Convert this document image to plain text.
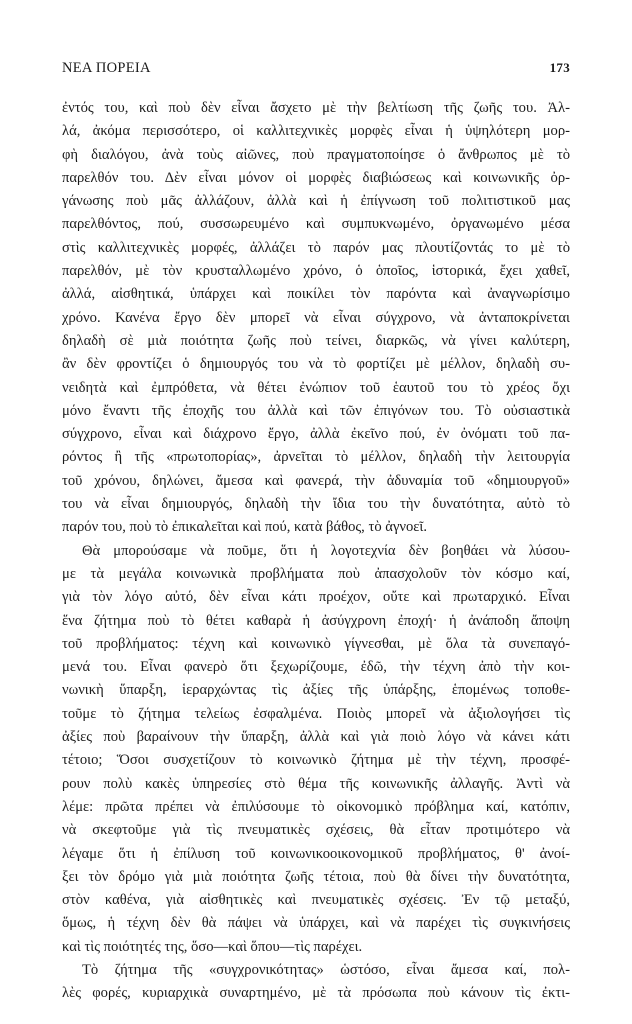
ΝΕΑ ΠΟΡΕΙΑ	173
ἐντός του, καὶ ποὺ δὲν εἶναι ἄσχετο μὲ τὴν βελτίωση τῆς ζωῆς του. Ἀλ-
λά, ἀκόμα περισσότερο, οἱ καλλιτεχνικὲς μορφὲς εἶναι ἡ ὑψηλότερη μορ-
φὴ διαλόγου, ἀνὰ τοὺς αἰῶνες, ποὺ πραγματοποίησε ὁ ἄνθρωπος μὲ τὸ
παρελθόν του. Δὲν εἶναι μόνον οἱ μορφὲς διαβιώσεως καὶ κοινωνικῆς ὀρ-
γάνωσης ποὺ μᾶς ἀλλάζουν, ἀλλὰ καὶ ἡ ἐπίγνωση τοῦ πολιτιστικοῦ μας
παρελθόντος, πού, συσσωρευμένο καὶ συμπυκνωμένο, ὀργανωμένο μέσα
στὶς καλλιτεχνικὲς μορφές, ἀλλάζει τὸ παρόν μας πλουτίζοντάς το μὲ τὸ
παρελθόν, μὲ τὸν κρυσταλλωμένο χρόνο, ὁ ὁποῖος, ἱστορικά, ἔχει χαθεῖ,
ἀλλά, αἰσθητικά, ὑπάρχει καὶ ποικίλει τὸν παρόντα καὶ ἀναγνωρίσιμο
χρόνο. Κανένα ἔργο δὲν μπορεῖ νὰ εἶναι σύγχρονο, νὰ ἀνταποκρίνεται
δηλαδὴ σὲ μιὰ ποιότητα ζωῆς ποὺ τείνει, διαρκῶς, νὰ γίνει καλύτερη,
ἂν δὲν φροντίζει ὁ δημιουργός του νὰ τὸ φορτίζει μὲ μέλλον, δηλαδὴ συ-
νειδητὰ καὶ ἐμπρόθετα, νὰ θέτει ἐνώπιον τοῦ ἑαυτοῦ του τὸ χρέος ὄχι
μόνο ἔναντι τῆς ἐποχῆς του ἀλλὰ καὶ τῶν ἐπιγόνων του. Τὸ οὐσιαστικὰ
σύγχρονο, εἶναι καὶ διάχρονο ἔργο, ἀλλὰ ἐκεῖνο πού, ἐν ὀνόματι τοῦ πα-
ρόντος ἢ τῆς «πρωτοπορίας», ἀρνεῖται τὸ μέλλον, δηλαδὴ τὴν λειτουργία
τοῦ χρόνου, δηλώνει, ἄμεσα καὶ φανερά, τὴν ἀδυναμία τοῦ «δημιουργοῦ»
του νὰ εἶναι δημιουργός, δηλαδὴ τὴν ἴδια του τὴν δυνατότητα, αὐτὸ τὸ
παρόν του, ποὺ τὸ ἐπικαλεῖται καὶ πού, κατὰ βάθος, τὸ ἀγνοεῖ.
Θὰ μπορούσαμε νὰ ποῦμε, ὅτι ἡ λογοτεχνία δὲν βοηθάει νὰ λύσου-
με τὰ μεγάλα κοινωνικὰ προβλήματα ποὺ ἀπασχολοῦν τὸν κόσμο καί,
γιὰ τὸν λόγο αὐτό, δὲν εἶναι κάτι προέχον, οὔτε καὶ πρωταρχικό. Εἶναι
ἕνα ζήτημα ποὺ τὸ θέτει καθαρὰ ἡ ἀσύγχρονη ἐποχή· ἡ ἀνάποδη ἄποψη
τοῦ προβλήματος: τέχνη καὶ κοινωνικὸ γίγνεσθαι, μὲ ὅλα τὰ συνεπαγό-
μενά του. Εἶναι φανερὸ ὅτι ξεχωρίζουμε, ἐδῶ, τὴν τέχνη ἀπὸ τὴν κοι-
νωνικὴ ὕπαρξη, ἱεραρχώντας τὶς ἀξίες τῆς ὑπάρξης, ἑπομένως τοποθε-
τοῦμε τὸ ζήτημα τελείως ἐσφαλμένα. Ποιὸς μπορεῖ νὰ ἀξιολογήσει τὶς
ἀξίες ποὺ βαραίνουν τὴν ὕπαρξη, ἀλλὰ καὶ γιὰ ποιὸ λόγο νὰ κάνει κάτι
τέτοιο; Ὅσοι συσχετίζουν τὸ κοινωνικὸ ζήτημα μὲ τὴν τέχνη, προσφέ-
ρουν πολὺ κακὲς ὑπηρεσίες στὸ θέμα τῆς κοινωνικῆς ἀλλαγῆς. Ἀντὶ νὰ
λέμε: πρῶτα πρέπει νὰ ἐπιλύσουμε τὸ οἰκονομικὸ πρόβλημα καί, κατόπιν,
νὰ σκεφτοῦμε γιὰ τὶς πνευματικὲς σχέσεις, θὰ εἶταν προτιμότερο νὰ
λέγαμε ὅτι ἡ ἐπίλυση τοῦ κοινωνικοοικονομικοῦ προβλήματος, θ' ἀνοί-
ξει τὸν δρόμο γιὰ μιὰ ποιότητα ζωῆς τέτοια, ποὺ θὰ δίνει τὴν δυνατότητα,
στὸν καθένα, γιὰ αἰσθητικὲς καὶ πνευματικὲς σχέσεις. Ἐν τῷ μεταξύ,
ὅμως, ἡ τέχνη δὲν θὰ πάψει νὰ ὑπάρχει, καὶ νὰ παρέχει τὶς συγκινήσεις
καὶ τὶς ποιότητές της, ὅσο—καὶ ὅπου—τὶς παρέχει.
Τὸ ζήτημα τῆς «συγχρονικότητας» ὡστόσο, εἶναι ἄμεσα καί, πολ-
λὲς φορές, κυριαρχικὰ συναρτημένο, μὲ τὰ πρόσωπα ποὺ κάνουν τὶς ἐκτι-
